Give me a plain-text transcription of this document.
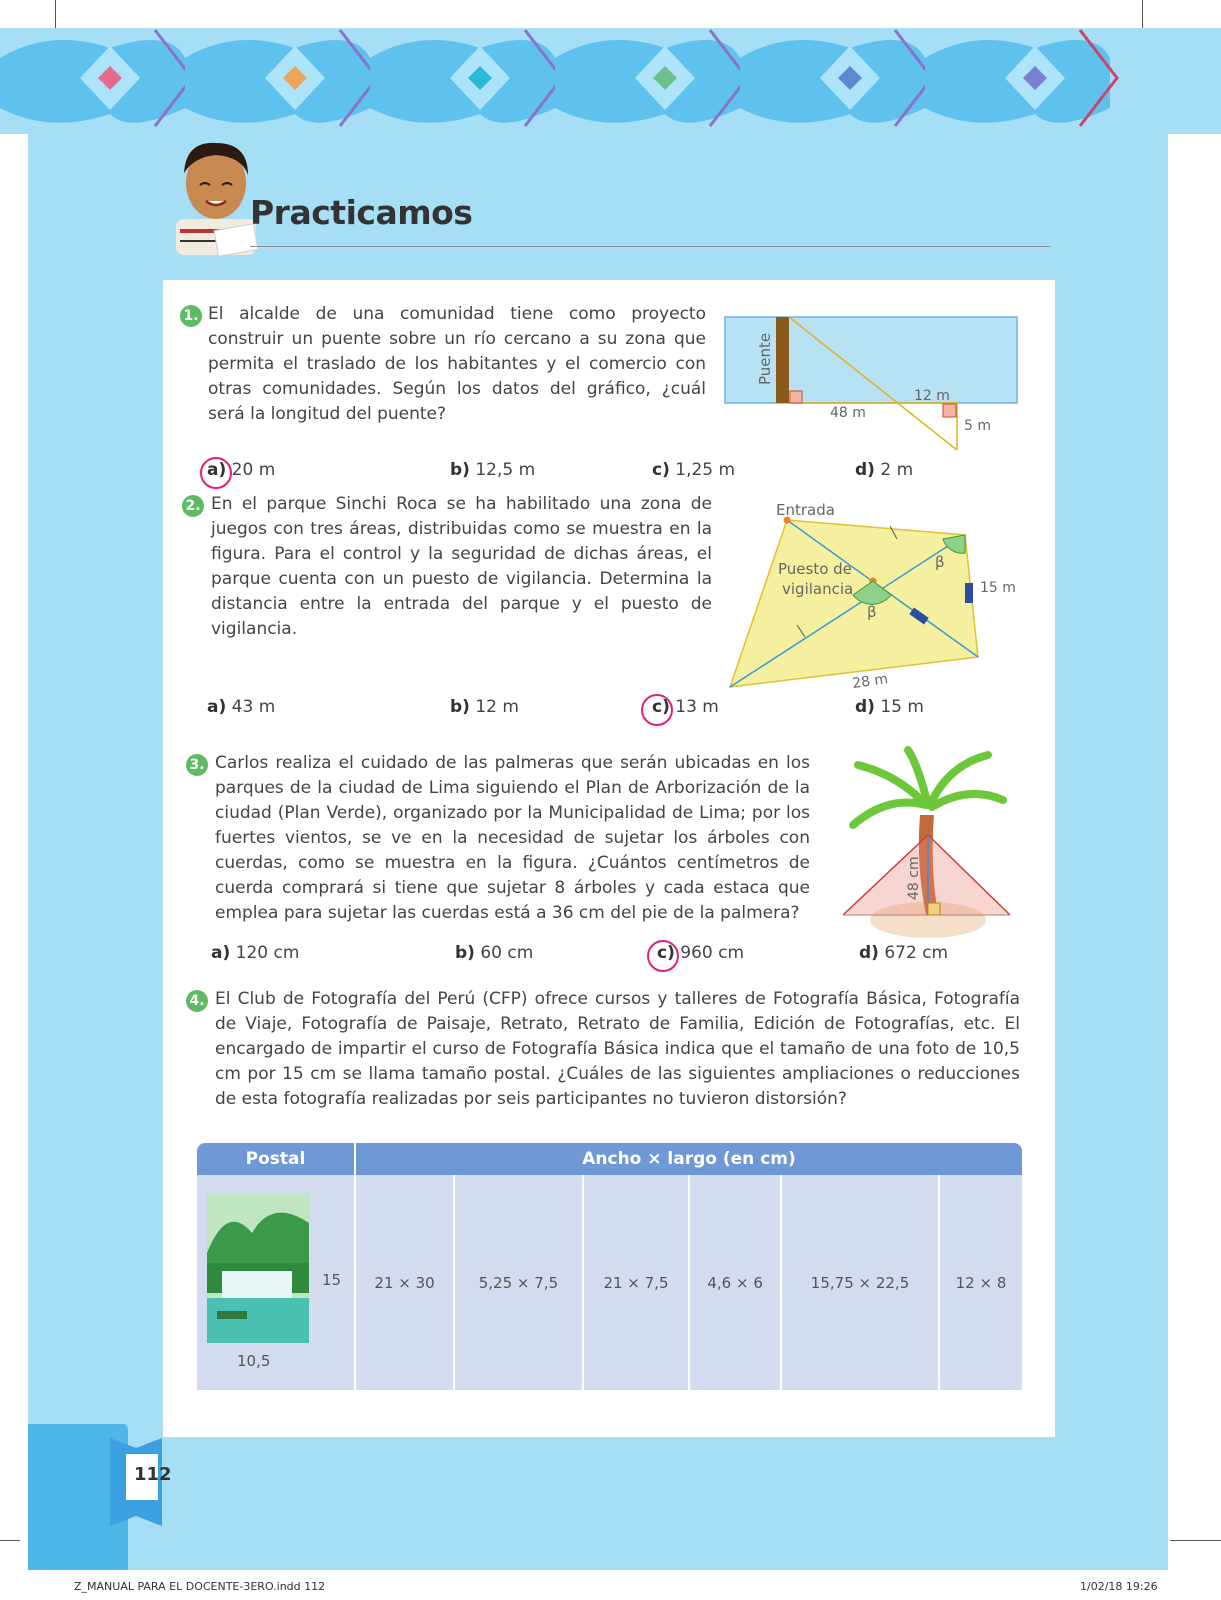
Practicamos
1. El alcalde de una comunidad tiene como proyecto construir un puente sobre un río cercano a su zona que permita el traslado de los habitantes y el comercio con otras comunidades. Según los datos del gráfico, ¿cuál será la longitud del puente?
Puente
48 m
12 m
5 m
a) 20 m	b) 12,5 m	c) 1,25 m	d) 2 m
2. En el parque Sinchi Roca se ha habilitado una zona de juegos con tres áreas, distribuidas como se muestra en la figura. Para el control y la seguridad de dichas áreas, el parque cuenta con un puesto de vigilancia. Determina la distancia entre la entrada del parque y el puesto de vigilancia.
Entrada
Puesto de
vigilancia
β
β
15 m
28 m
a) 43 m	b) 12 m	c) 13 m	d) 15 m
3. Carlos realiza el cuidado de las palmeras que serán ubicadas en los parques de la ciudad de Lima siguiendo el Plan de Arborización de la ciudad (Plan Verde), organizado por la Municipalidad de Lima; por los fuertes vientos, se ve en la necesidad de sujetar los árboles con cuerdas, como se muestra en la figura. ¿Cuántos centímetros de cuerda comprará si tiene que sujetar 8 árboles y cada estaca que emplea para sujetar las cuerdas está a 36 cm del pie de la palmera?
48 cm
a) 120 cm	b) 60 cm	c) 960 cm	d) 672 cm
4. El Club de Fotografía del Perú (CFP) ofrece cursos y talleres de Fotografía Básica, Fotografía de Viaje, Fotografía de Paisaje, Retrato, Retrato de Familia, Edición de Fotografías, etc. El encargado de impartir el curso de Fotografía Básica indica que el tamaño de una foto de 10,5 cm por 15 cm se llama tamaño postal. ¿Cuáles de las siguientes ampliaciones o reducciones de esta fotografía realizadas por seis participantes no tuvieron distorsión?
Postal	Ancho × largo (en cm)					

15
10,5	21 × 30	5,25 × 7,5	21 × 7,5	4,6 × 6	15,75 × 22,5	12 × 8
112
Z_MANUAL PARA EL DOCENTE-3ERO.indd 112	1/02/18 19:26
